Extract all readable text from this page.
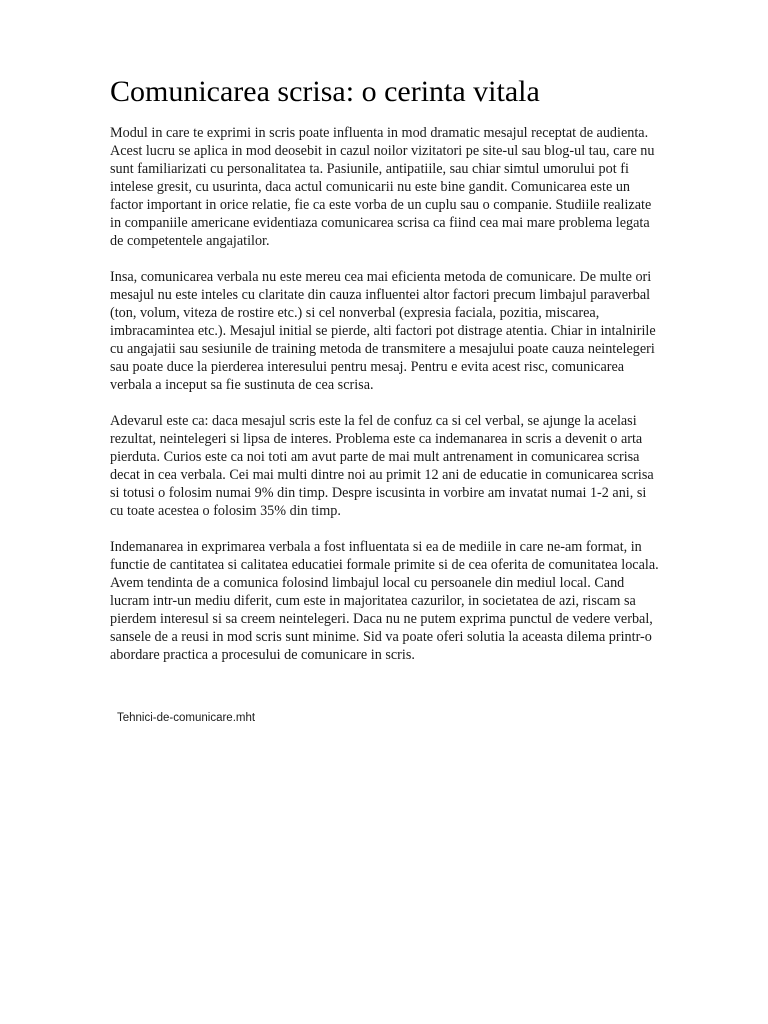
Comunicarea scrisa: o cerinta vitala

Modul in care te exprimi in scris poate influenta in mod dramatic mesajul receptat de audienta.
Acest lucru se aplica in mod deosebit in cazul noilor vizitatori pe site-ul sau blog-ul tau, care nu
sunt familiarizati cu personalitatea ta. Pasiunile, antipatiile, sau chiar simtul umorului pot fi
intelese gresit, cu usurinta, daca actul comunicarii nu este bine gandit. Comunicarea este un
factor important in orice relatie, fie ca este vorba de un cuplu sau o companie. Studiile realizate
in companiile americane evidentiaza comunicarea scrisa ca fiind cea mai mare problema legata
de competentele angajatilor.

Insa, comunicarea verbala nu este mereu cea mai eficienta metoda de comunicare. De multe ori
mesajul nu este inteles cu claritate din cauza influentei altor factori precum limbajul paraverbal
(ton, volum, viteza de rostire etc.) si cel nonverbal (expresia faciala, pozitia, miscarea,
imbracamintea etc.). Mesajul initial se pierde, alti factori pot distrage atentia. Chiar in intalnirile
cu angajatii sau sesiunile de training metoda de transmitere a mesajului poate cauza neintelegeri
sau poate duce la pierderea interesului pentru mesaj. Pentru e evita acest risc, comunicarea
verbala a inceput sa fie sustinuta de cea scrisa.

Adevarul este ca: daca mesajul scris este la fel de confuz ca si cel verbal, se ajunge la acelasi
rezultat, neintelegeri si lipsa de interes. Problema este ca indemanarea in scris a devenit o arta
pierduta. Curios este ca noi toti am avut parte de mai mult antrenament in comunicarea scrisa
decat in cea verbala. Cei mai multi dintre noi au primit 12 ani de educatie in comunicarea scrisa
si totusi o folosim numai 9% din timp. Despre iscusinta in vorbire am invatat numai 1-2 ani, si
cu toate acestea o folosim 35% din timp.

Indemanarea in exprimarea verbala a fost influentata si ea de mediile in care ne-am format, in
functie de cantitatea si calitatea educatiei formale primite si de cea oferita de comunitatea locala.
Avem tendinta de a comunica folosind limbajul local cu persoanele din mediul local. Cand
lucram intr-un mediu diferit, cum este in majoritatea cazurilor, in societatea de azi, riscam sa
pierdem interesul si sa creem neintelegeri. Daca nu ne putem exprima punctul de vedere verbal,
sansele de a reusi in mod scris sunt minime. Sid va poate oferi solutia la aceasta dilema printr-o
abordare practica a procesului de comunicare in scris.

Tehnici-de-comunicare.mht
